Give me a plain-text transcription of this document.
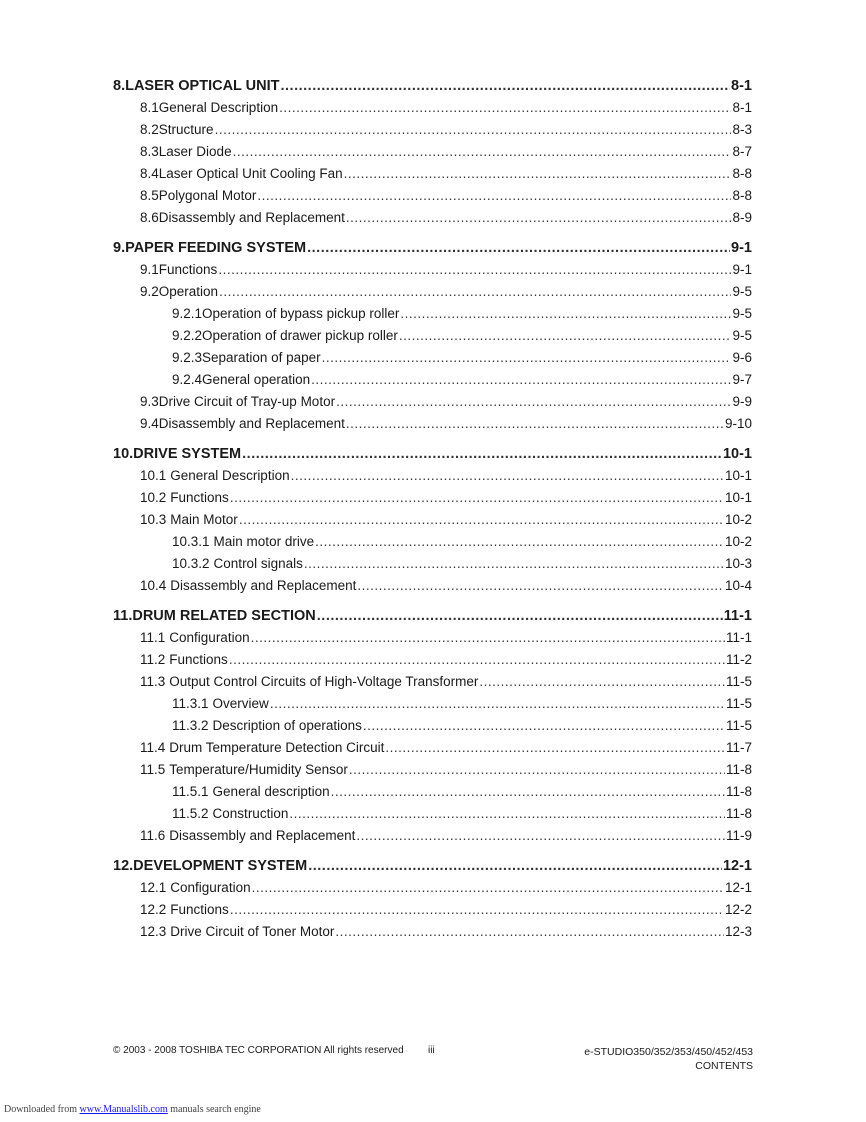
8. LASER OPTICAL UNIT .....	8-1
8.1 General Description .....	8-1
8.2 Structure .....	8-3
8.3 Laser Diode .....	8-7
8.4 Laser Optical Unit Cooling Fan .....	8-8
8.5 Polygonal Motor .....	8-8
8.6 Disassembly and Replacement .....	8-9
9. PAPER FEEDING SYSTEM .....	9-1
9.1 Functions .....	9-1
9.2 Operation .....	9-5
9.2.1 Operation of bypass pickup roller .....	9-5
9.2.2 Operation of drawer pickup roller .....	9-5
9.2.3 Separation of paper .....	9-6
9.2.4 General operation .....	9-7
9.3 Drive Circuit of Tray-up Motor .....	9-9
9.4 Disassembly and Replacement .....	9-10
10. DRIVE SYSTEM .....	10-1
10.1 General Description .....	10-1
10.2 Functions .....	10-1
10.3 Main Motor .....	10-2
10.3.1 Main motor drive .....	10-2
10.3.2 Control signals .....	10-3
10.4 Disassembly and Replacement .....	10-4
11. DRUM RELATED SECTION .....	11-1
11.1 Configuration .....	11-1
11.2 Functions .....	11-2
11.3 Output Control Circuits of High-Voltage Transformer .....	11-5
11.3.1 Overview .....	11-5
11.3.2 Description of operations .....	11-5
11.4 Drum Temperature Detection Circuit .....	11-7
11.5 Temperature/Humidity Sensor .....	11-8
11.5.1 General description .....	11-8
11.5.2 Construction .....	11-8
11.6 Disassembly and Replacement .....	11-9
12. DEVELOPMENT SYSTEM .....	12-1
12.1 Configuration .....	12-1
12.2 Functions .....	12-2
12.3 Drive Circuit of Toner Motor .....	12-3
© 2003 - 2008 TOSHIBA TEC CORPORATION All rights reserved iii	e-STUDIO350/352/353/450/452/453
CONTENTS
Downloaded from www.Manualslib.com manuals search engine
